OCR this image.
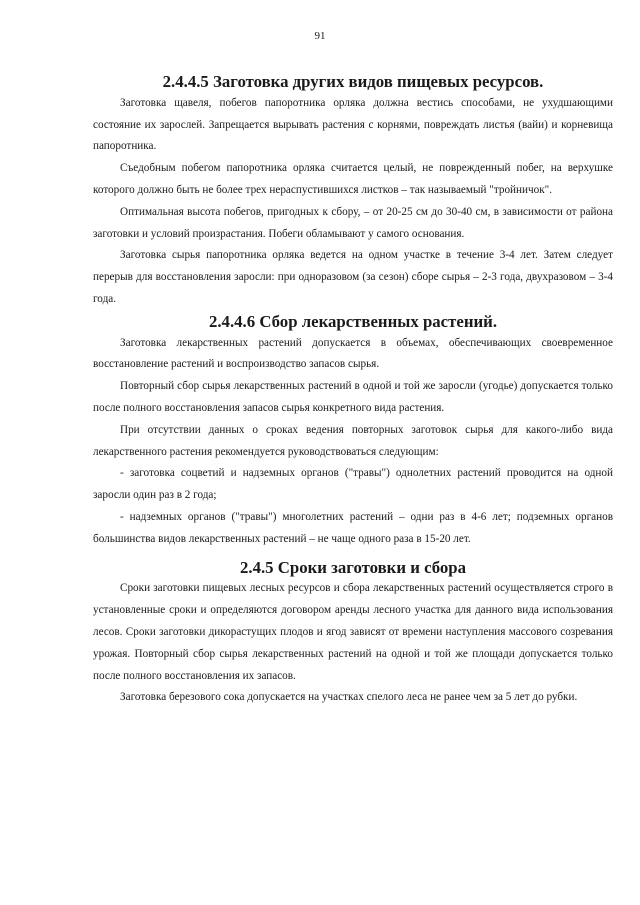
91
2.4.4.5 Заготовка других видов пищевых ресурсов.

Заготовка щавеля, побегов папоротника орляка должна вестись способами, не ухудшающими состояние их зарослей. Запрещается вырывать растения с корнями, повреждать листья (вайи) и корневища папоротника.

Съедобным побегом папоротника орляка считается целый, не поврежденный побег, на верхушке которого должно быть не более трех нераспустившихся листков – так называемый "тройничок".

Оптимальная высота побегов, пригодных к сбору, – от 20-25 см до 30-40 см, в зависимости от района заготовки и условий произрастания. Побеги обламывают у самого основания.

Заготовка сырья папоротника орляка ведется на одном участке в течение 3-4 лет. Затем следует перерыв для восстановления заросли: при одноразовом (за сезон) сборе сырья – 2-3 года, двухразовом – 3-4 года.

2.4.4.6 Сбор лекарственных растений.

Заготовка лекарственных растений допускается в объемах, обеспечивающих своевременное восстановление растений и воспроизводство запасов сырья.

Повторный сбор сырья лекарственных растений в одной и той же заросли (угодье) допускается только после полного восстановления запасов сырья конкретного вида растения.

При отсутствии данных о сроках ведения повторных заготовок сырья для какого-либо вида лекарственного растения рекомендуется руководствоваться следующим:

- заготовка соцветий и надземных органов ("травы") однолетних растений проводится на одной заросли один раз в 2 года;

- надземных органов ("травы") многолетних растений – одни раз в 4-6 лет; подземных органов большинства видов лекарственных растений – не чаще одного раза в 15-20 лет.

2.4.5 Сроки заготовки и сбора

Сроки заготовки пищевых лесных ресурсов и сбора лекарственных растений осуществляется строго в установленные сроки и определяются договором аренды лесного участка для данного вида использования лесов. Сроки заготовки дикорастущих плодов и ягод зависят от времени наступления массового созревания урожая. Повторный сбор сырья лекарственных растений на одной и той же площади допускается только после полного восстановления их запасов.

Заготовка березового сока допускается на участках спелого леса не ранее чем за 5 лет до рубки.
